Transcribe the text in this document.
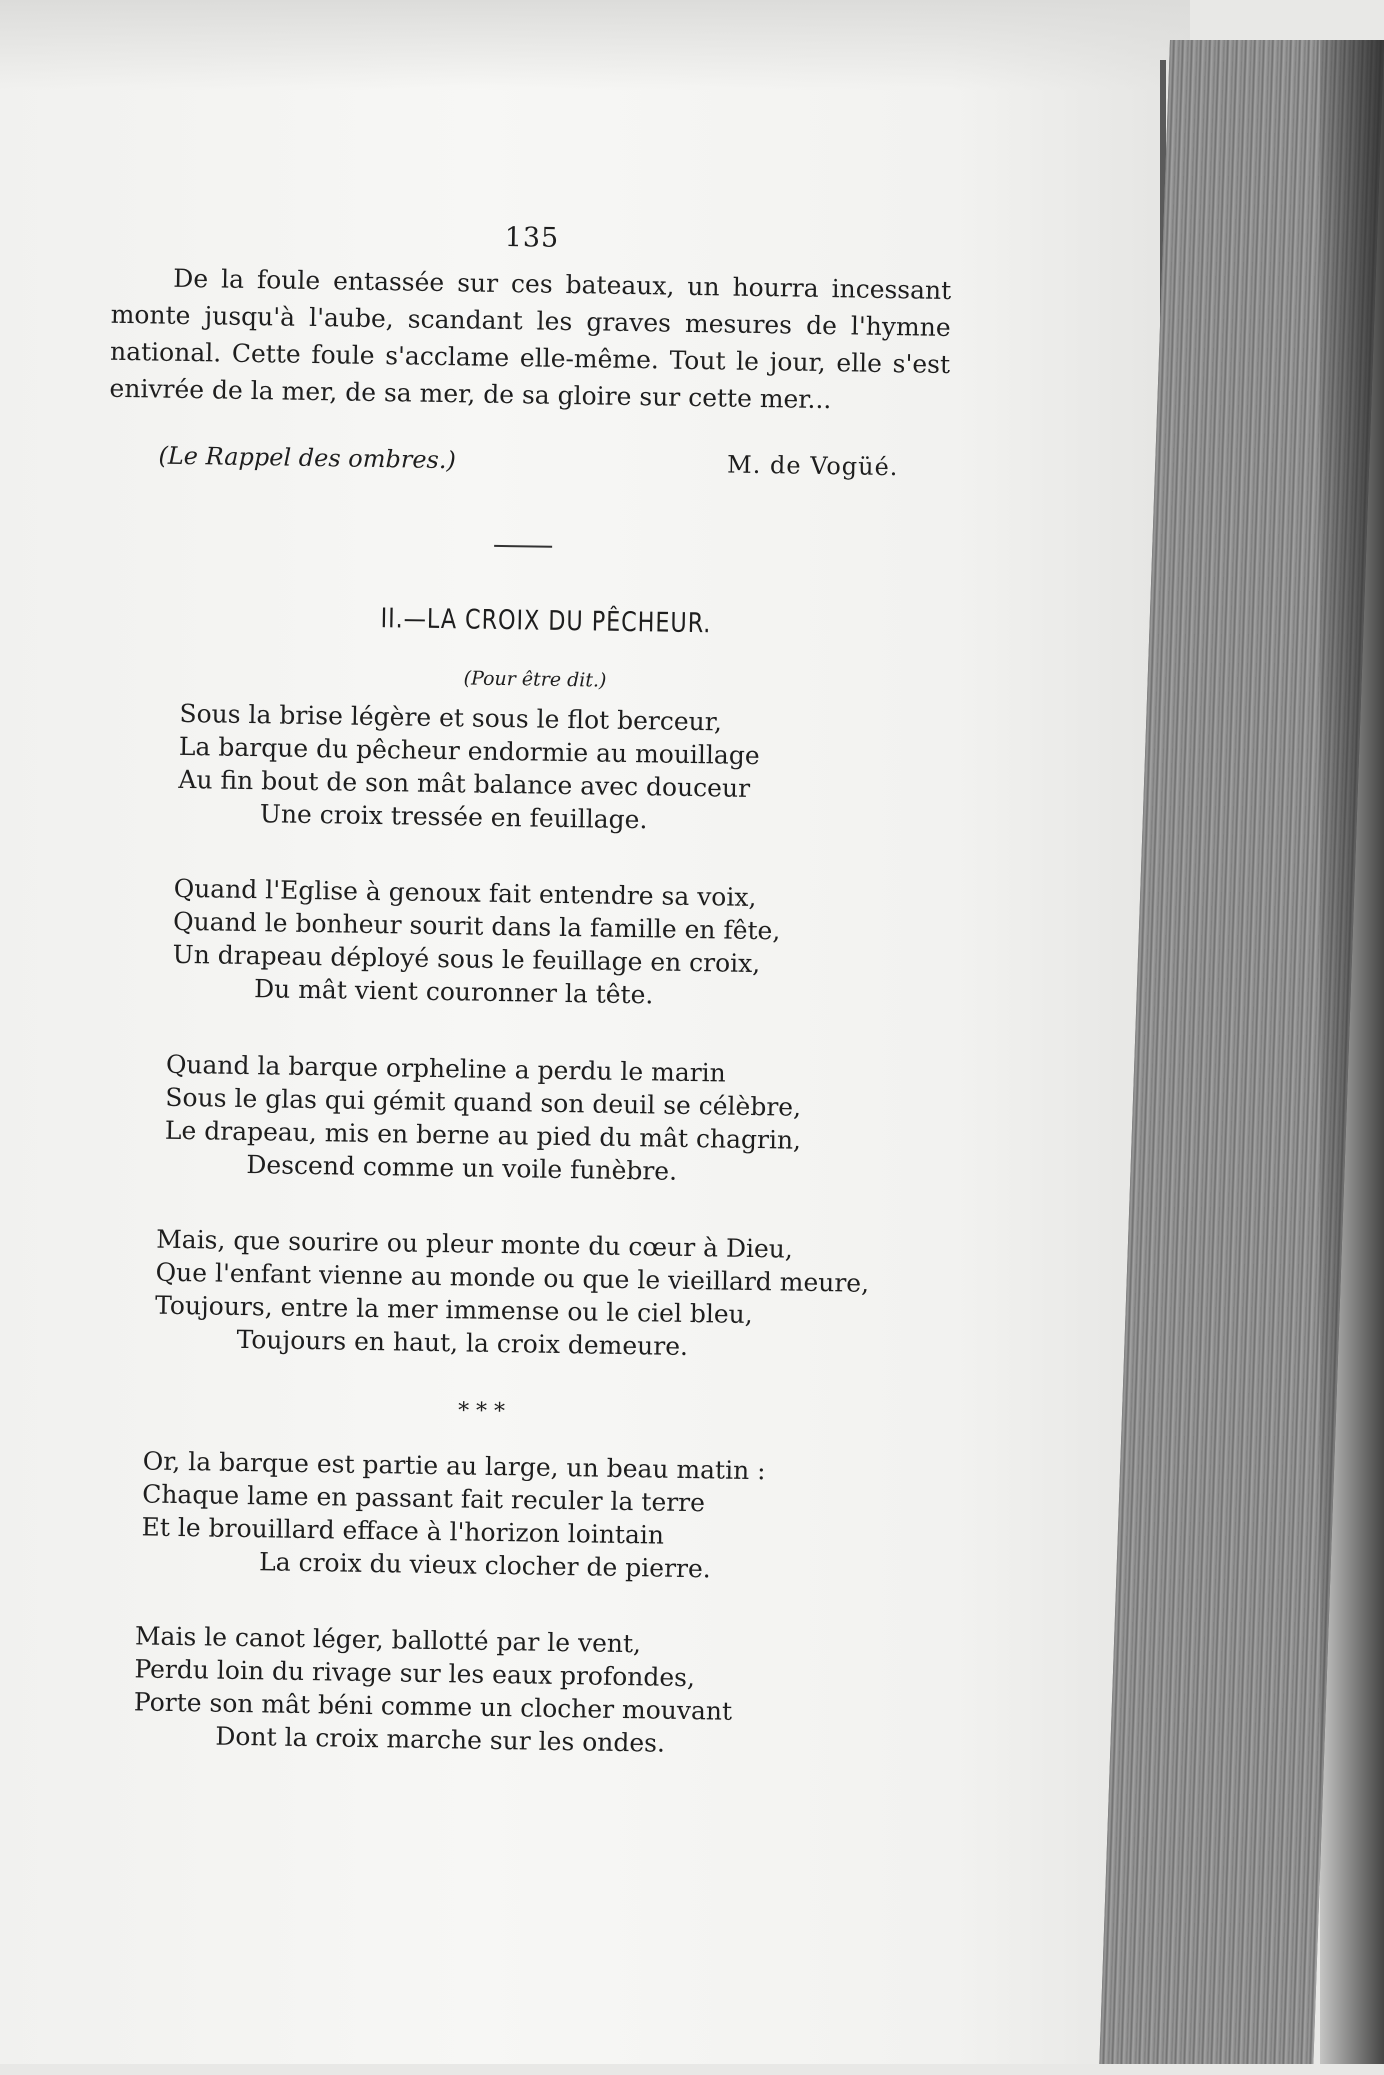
135
De la foule entassée sur ces bateaux, un hourra incessant monte jusqu'à l'aube, scandant les graves mesures de l'hymne national. Cette foule s'acclame elle-même. Tout le jour, elle s'est enivrée de la mer, de sa mer, de sa gloire sur cette mer...
(Le Rappel des ombres.)	M. de Vogüé.
II.—LA CROIX DU PÊCHEUR.
(Pour être dit.)
Sous la brise légère et sous le flot berceur,
La barque du pêcheur endormie au mouillage
Au fin bout de son mât balance avec douceur
Une croix tressée en feuillage.
Quand l'Eglise à genoux fait entendre sa voix,
Quand le bonheur sourit dans la famille en fête,
Un drapeau déployé sous le feuillage en croix,
Du mât vient couronner la tête.
Quand la barque orpheline a perdu le marin
Sous le glas qui gémit quand son deuil se célèbre,
Le drapeau, mis en berne au pied du mât chagrin,
Descend comme un voile funèbre.
Mais, que sourire ou pleur monte du cœur à Dieu,
Que l'enfant vienne au monde ou que le vieillard meure,
Toujours, entre la mer immense ou le ciel bleu,
Toujours en haut, la croix demeure.
* * *
Or, la barque est partie au large, un beau matin :
Chaque lame en passant fait reculer la terre
Et le brouillard efface à l'horizon lointain
La croix du vieux clocher de pierre.
Mais le canot léger, ballotté par le vent,
Perdu loin du rivage sur les eaux profondes,
Porte son mât béni comme un clocher mouvant
Dont la croix marche sur les ondes.
